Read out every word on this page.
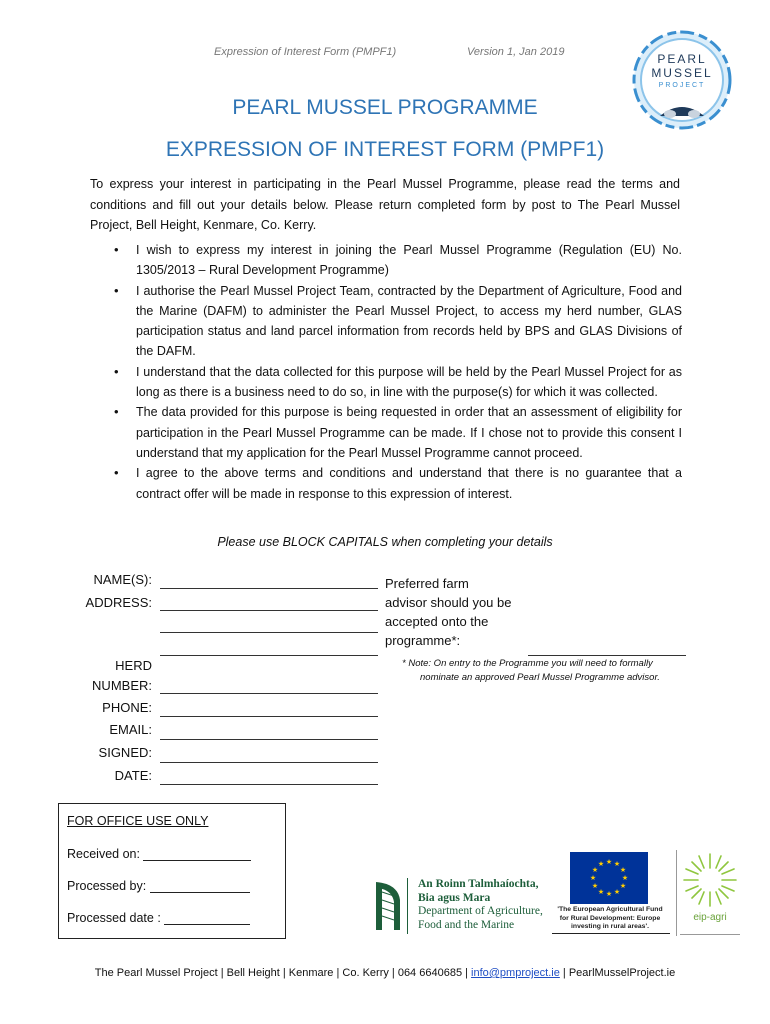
Expression of Interest Form (PMPF1)	Version 1, Jan 2019	PEARL
MUSSEL
PROJECT
PEARL MUSSEL PROGRAMME
EXPRESSION OF INTEREST FORM (PMPF1)
To express your interest in participating in the Pearl Mussel Programme, please read the terms and conditions and fill out your details below. Please return completed form by post to The Pearl Mussel Project, Bell Height, Kenmare, Co. Kerry.
• I wish to express my interest in joining the Pearl Mussel Programme (Regulation (EU) No. 1305/2013 – Rural Development Programme)
• I authorise the Pearl Mussel Project Team, contracted by the Department of Agriculture, Food and the Marine (DAFM) to administer the Pearl Mussel Project, to access my herd number, GLAS participation status and land parcel information from records held by BPS and GLAS Divisions of the DAFM.
• I understand that the data collected for this purpose will be held by the Pearl Mussel Project for as long as there is a business need to do so, in line with the purpose(s) for which it was collected.
• The data provided for this purpose is being requested in order that an assessment of eligibility for participation in the Pearl Mussel Programme can be made. If I chose not to provide this consent I understand that my application for the Pearl Mussel Programme cannot proceed.
• I agree to the above terms and conditions and understand that there is no guarantee that a contract offer will be made in response to this expression of interest.
Please use BLOCK CAPITALS when completing your details
NAME(S):
ADDRESS:
HERD
NUMBER:
PHONE:
EMAIL:
SIGNED:
DATE:
Preferred farm
advisor should you be
accepted onto the
programme*:
* Note: On entry to the Programme you will need to formally
nominate an approved Pearl Mussel Programme advisor.
FOR OFFICE USE ONLY
Received on:
Processed by:
Processed date :
An Roinn Talmhaíochta,
Bia agus Mara
Department of Agriculture,
Food and the Marine
★ ★
★
★
★
★
★
★
★
★
★
★
'The European Agricultural Fund
for Rural Development: Europe
investing in rural areas'.
eip-agri
The Pearl Mussel Project | Bell Height | Kenmare | Co. Kerry | 064 6640685 | info@pmproject.ie | PearlMusselProject.ie
